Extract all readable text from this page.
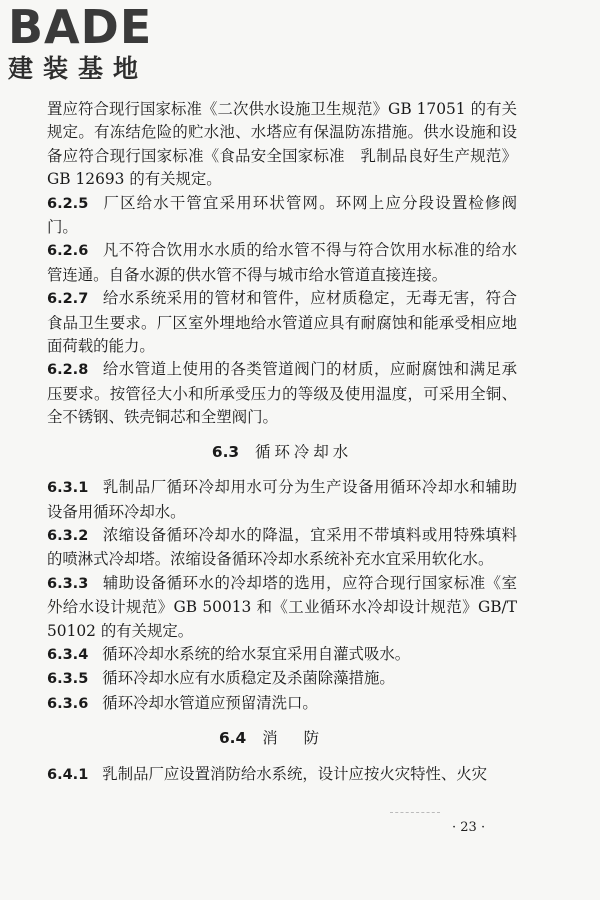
BADE
建装基地

置应符合现行国家标准《二次供水设施卫生规范》GB 17051 的有关规定。有冻结危险的贮水池、水塔应有保温防冻措施。供水设施和设备应符合现行国家标准《食品安全国家标准　乳制品良好生产规范》GB 12693 的有关规定。

6.2.5 厂区给水干管宜采用环状管网。环网上应分段设置检修阀门。

6.2.6 凡不符合饮用水水质的给水管不得与符合饮用水标准的给水管连通。自备水源的供水管不得与城市给水管道直接连接。

6.2.7 给水系统采用的管材和管件，应材质稳定，无毒无害，符合食品卫生要求。厂区室外埋地给水管道应具有耐腐蚀和能承受相应地面荷载的能力。

6.2.8 给水管道上使用的各类管道阀门的材质，应耐腐蚀和满足承压要求。按管径大小和所承受压力的等级及使用温度，可采用全铜、全不锈钢、铁壳铜芯和全塑阀门。

6.3 循环冷却水

6.3.1 乳制品厂循环冷却用水可分为生产设备用循环冷却水和辅助设备用循环冷却水。

6.3.2 浓缩设备循环冷却水的降温，宜采用不带填料或用特殊填料的喷淋式冷却塔。浓缩设备循环冷却水系统补充水宜采用软化水。

6.3.3 辅助设备循环水的冷却塔的选用，应符合现行国家标准《室外给水设计规范》GB 50013 和《工业循环水冷却设计规范》GB/T 50102 的有关规定。

6.3.4 循环冷却水系统的给水泵宜采用自灌式吸水。

6.3.5 循环冷却水应有水质稳定及杀菌除藻措施。

6.3.6 循环冷却水管道应预留清洗口。

6.4 消防

6.4.1 乳制品厂应设置消防给水系统，设计应按火灾特性、火灾

· 23 ·
